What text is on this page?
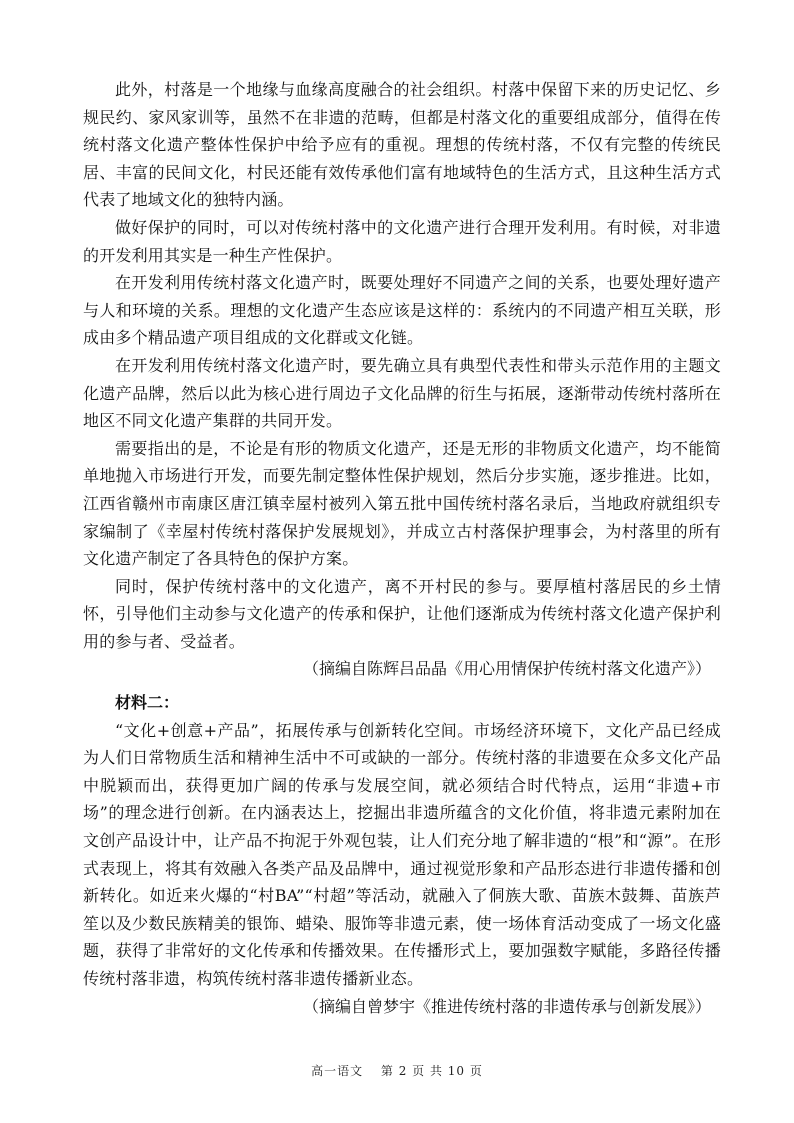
此外，村落是一个地缘与血缘高度融合的社会组织。村落中保留下来的历史记忆、乡规民约、家风家训等，虽然不在非遗的范畴，但都是村落文化的重要组成部分，值得在传统村落文化遗产整体性保护中给予应有的重视。理想的传统村落，不仅有完整的传统民居、丰富的民间文化，村民还能有效传承他们富有地域特色的生活方式，且这种生活方式代表了地域文化的独特内涵。

做好保护的同时，可以对传统村落中的文化遗产进行合理开发利用。有时候，对非遗的开发利用其实是一种生产性保护。

在开发利用传统村落文化遗产时，既要处理好不同遗产之间的关系，也要处理好遗产与人和环境的关系。理想的文化遗产生态应该是这样的：系统内的不同遗产相互关联，形成由多个精品遗产项目组成的文化群或文化链。

在开发利用传统村落文化遗产时，要先确立具有典型代表性和带头示范作用的主题文化遗产品牌，然后以此为核心进行周边子文化品牌的衍生与拓展，逐渐带动传统村落所在地区不同文化遗产集群的共同开发。

需要指出的是，不论是有形的物质文化遗产，还是无形的非物质文化遗产，均不能简单地抛入市场进行开发，而要先制定整体性保护规划，然后分步实施，逐步推进。比如，江西省赣州市南康区唐江镇幸屋村被列入第五批中国传统村落名录后，当地政府就组织专家编制了《幸屋村传统村落保护发展规划》，并成立古村落保护理事会，为村落里的所有文化遗产制定了各具特色的保护方案。

同时，保护传统村落中的文化遗产，离不开村民的参与。要厚植村落居民的乡土情怀，引导他们主动参与文化遗产的传承和保护，让他们逐渐成为传统村落文化遗产保护利用的参与者、受益者。

（摘编自陈辉吕品晶《用心用情保护传统村落文化遗产》）

材料二：

“文化+创意+产品”，拓展传承与创新转化空间。市场经济环境下，文化产品已经成为人们日常物质生活和精神生活中不可或缺的一部分。传统村落的非遗要在众多文化产品中脱颖而出，获得更加广阔的传承与发展空间，就必须结合时代特点，运用“非遗+市场”的理念进行创新。在内涵表达上，挖掘出非遗所蕴含的文化价值，将非遗元素附加在文创产品设计中，让产品不拘泥于外观包装，让人们充分地了解非遗的“根”和“源”。在形式表现上，将其有效融入各类产品及品牌中，通过视觉形象和产品形态进行非遗传播和创新转化。如近来火爆的“村BA”“村超”等活动，就融入了侗族大歌、苗族木鼓舞、苗族芦笙以及少数民族精美的银饰、蜡染、服饰等非遗元素，使一场体育活动变成了一场文化盛题，获得了非常好的文化传承和传播效果。在传播形式上，要加强数字赋能，多路径传播传统村落非遗，构筑传统村落非遗传播新业态。

（摘编自曾梦宇《推进传统村落的非遗传承与创新发展》）

高一语文　 第 2 页 共 10 页
